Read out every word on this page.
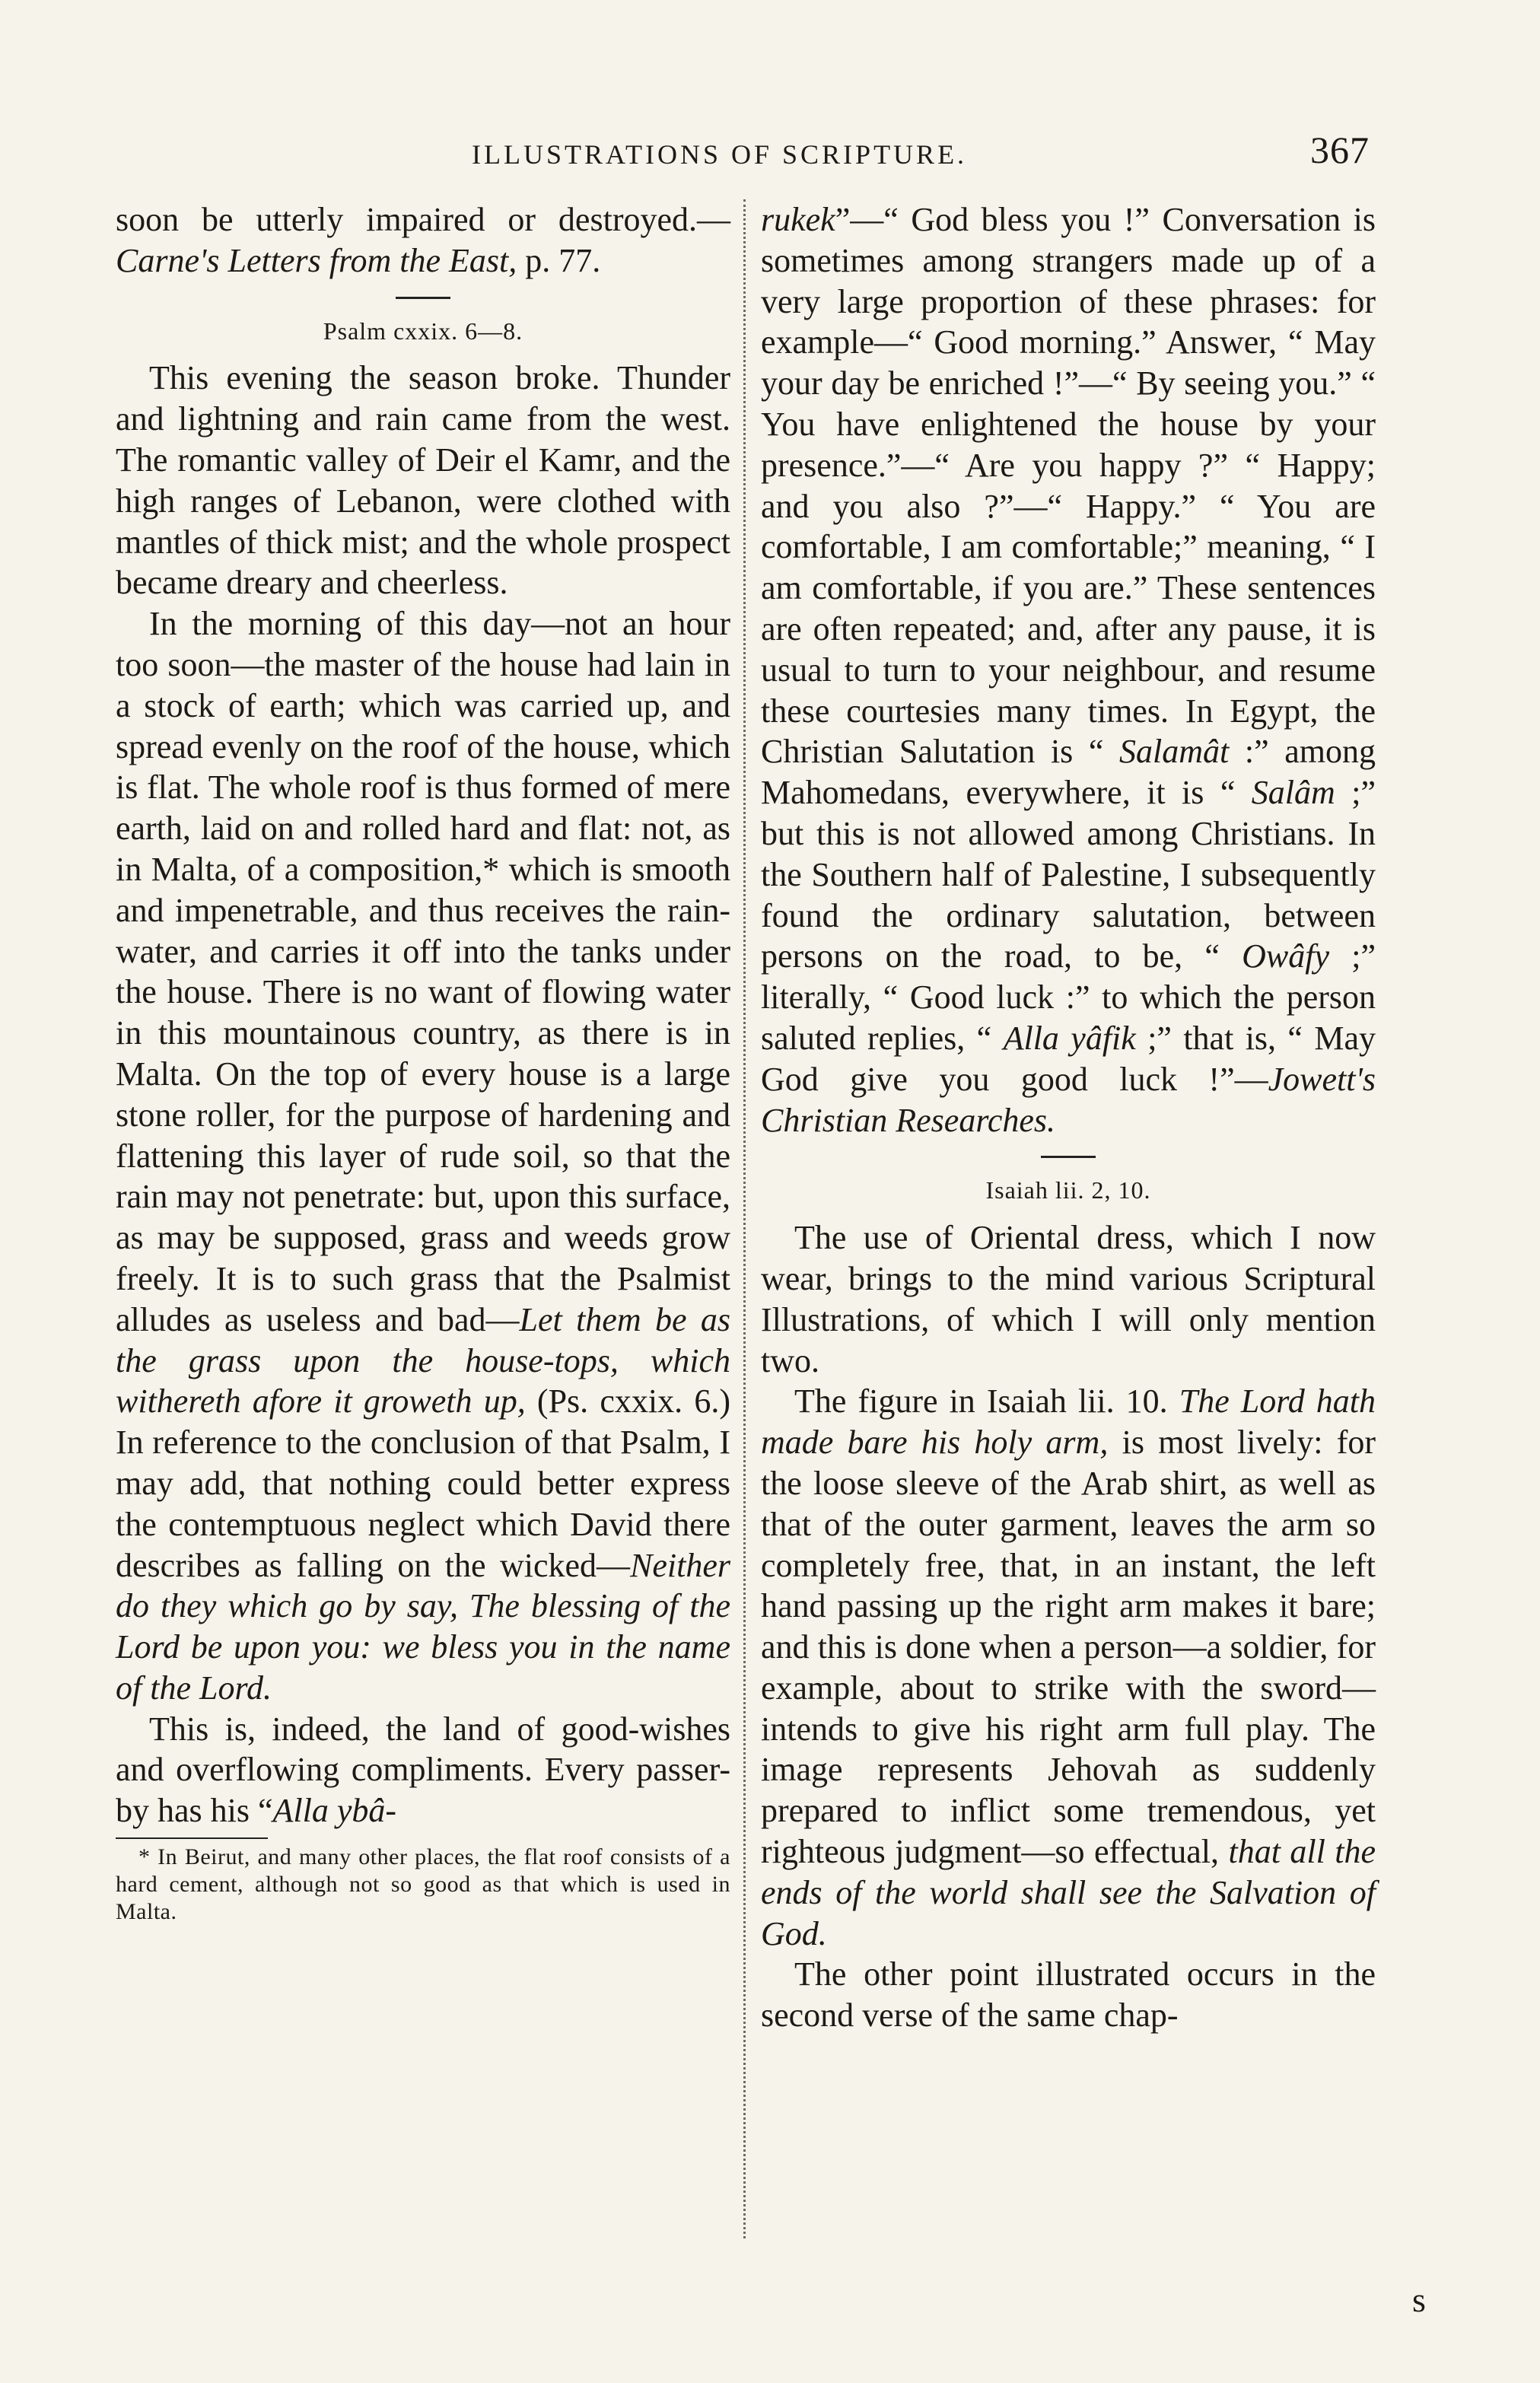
ILLUSTRATIONS OF SCRIPTURE.	367

soon be utterly impaired or destroyed.—Carne's Letters from the East, p. 77.

Psalm cxxix. 6—8.

This evening the season broke. Thunder and lightning and rain came from the west. The romantic valley of Deir el Kamr, and the high ranges of Lebanon, were clothed with mantles of thick mist; and the whole prospect became dreary and cheerless.

In the morning of this day—not an hour too soon—the master of the house had lain in a stock of earth; which was carried up, and spread evenly on the roof of the house, which is flat. The whole roof is thus formed of mere earth, laid on and rolled hard and flat: not, as in Malta, of a composition,* which is smooth and impenetrable, and thus receives the rain-water, and carries it off into the tanks under the house. There is no want of flowing water in this mountainous country, as there is in Malta. On the top of every house is a large stone roller, for the purpose of hardening and flattening this layer of rude soil, so that the rain may not penetrate: but, upon this surface, as may be supposed, grass and weeds grow freely. It is to such grass that the Psalmist alludes as useless and bad—Let them be as the grass upon the house-tops, which withereth afore it groweth up, (Ps. cxxix. 6.) In reference to the conclusion of that Psalm, I may add, that nothing could better express the contemptuous neglect which David there describes as falling on the wicked—Neither do they which go by say, The blessing of the Lord be upon you: we bless you in the name of the Lord.

This is, indeed, the land of good-wishes and overflowing compliments. Every passer-by has his “Alla ybâ-

* In Beirut, and many other places, the flat roof consists of a hard cement, although not so good as that which is used in Malta.

rukek”—“ God bless you !” Conversation is sometimes among strangers made up of a very large proportion of these phrases: for example—“ Good morning.” Answer, “ May your day be enriched !”—“ By seeing you.” “ You have enlightened the house by your presence.”—“ Are you happy ?” “ Happy; and you also ?”—“ Happy.” “ You are comfortable, I am comfortable;” meaning, “ I am comfortable, if you are.” These sentences are often repeated; and, after any pause, it is usual to turn to your neighbour, and resume these courtesies many times. In Egypt, the Christian Salutation is “ Salamât :” among Mahomedans, everywhere, it is “ Salâm ;” but this is not allowed among Christians. In the Southern half of Palestine, I subsequently found the ordinary salutation, between persons on the road, to be, “ Owâfy ;” literally, “ Good luck :” to which the person saluted replies, “ Alla yâfik ;” that is, “ May God give you good luck !”—Jowett's Christian Researches.

Isaiah lii. 2, 10.

The use of Oriental dress, which I now wear, brings to the mind various Scriptural Illustrations, of which I will only mention two.

The figure in Isaiah lii. 10. The Lord hath made bare his holy arm, is most lively: for the loose sleeve of the Arab shirt, as well as that of the outer garment, leaves the arm so completely free, that, in an instant, the left hand passing up the right arm makes it bare; and this is done when a person—a soldier, for example, about to strike with the sword—intends to give his right arm full play. The image represents Jehovah as suddenly prepared to inflict some tremendous, yet righteous judgment—so effectual, that all the ends of the world shall see the Salvation of God.

The other point illustrated occurs in the second verse of the same chap-

s
